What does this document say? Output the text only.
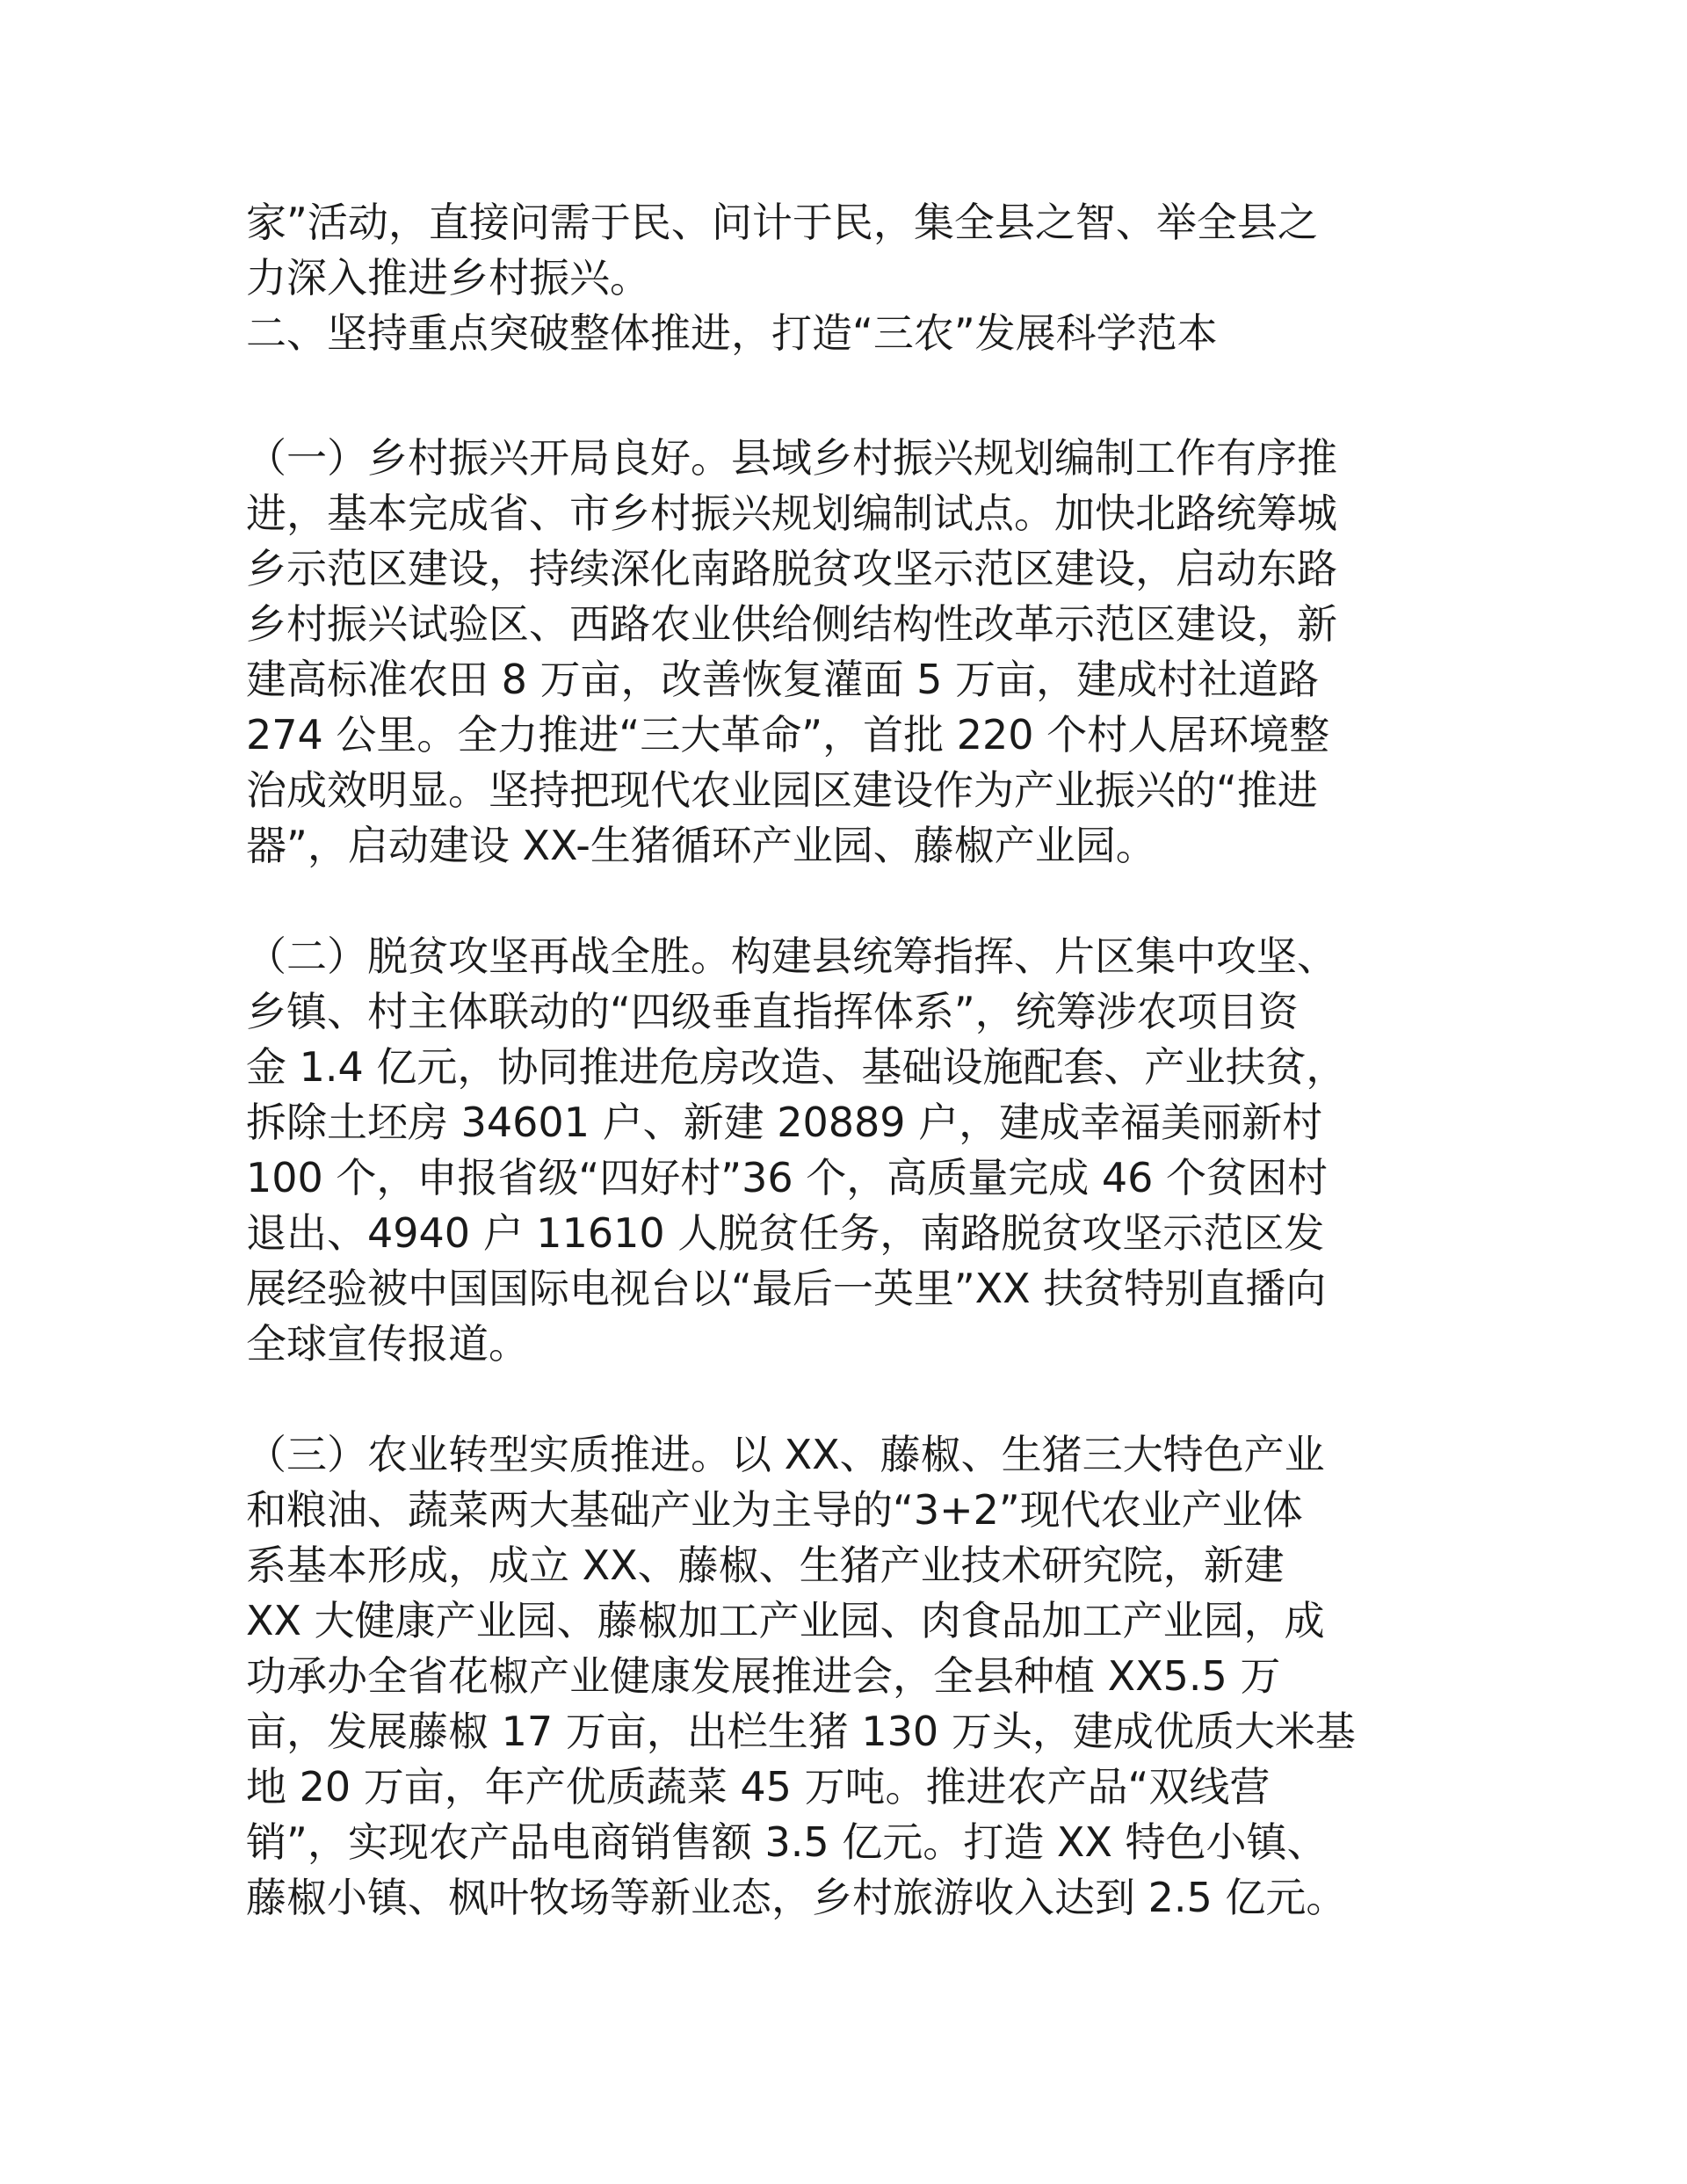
家”活动，直接问需于民、问计于民，集全县之智、举全县之
力深入推进乡村振兴。
二、坚持重点突破整体推进，打造“三农”发展科学范本
（一）乡村振兴开局良好。县域乡村振兴规划编制工作有序推
进，基本完成省、市乡村振兴规划编制试点。加快北路统筹城
乡示范区建设，持续深化南路脱贫攻坚示范区建设，启动东路
乡村振兴试验区、西路农业供给侧结构性改革示范区建设，新
建高标准农田 8 万亩，改善恢复灌面 5 万亩，建成村社道路
274 公里。全力推进“三大革命”，首批 220 个村人居环境整
治成效明显。坚持把现代农业园区建设作为产业振兴的“推进
器”，启动建设 XX-生猪循环产业园、藤椒产业园。
（二）脱贫攻坚再战全胜。构建县统筹指挥、片区集中攻坚、
乡镇、村主体联动的“四级垂直指挥体系”，统筹涉农项目资
金 1.4 亿元，协同推进危房改造、基础设施配套、产业扶贫，
拆除土坯房 34601 户、新建 20889 户，建成幸福美丽新村
100 个，申报省级“四好村”36 个，高质量完成 46 个贫困村
退出、4940 户 11610 人脱贫任务，南路脱贫攻坚示范区发
展经验被中国国际电视台以“最后一英里”XX 扶贫特别直播向
全球宣传报道。
（三）农业转型实质推进。以 XX、藤椒、生猪三大特色产业
和粮油、蔬菜两大基础产业为主导的“3+2”现代农业产业体
系基本形成，成立 XX、藤椒、生猪产业技术研究院，新建
XX 大健康产业园、藤椒加工产业园、肉食品加工产业园，成
功承办全省花椒产业健康发展推进会，全县种植 XX5.5 万
亩，发展藤椒 17 万亩，出栏生猪 130 万头，建成优质大米基
地 20 万亩，年产优质蔬菜 45 万吨。推进农产品“双线营
销”，实现农产品电商销售额 3.5 亿元。打造 XX 特色小镇、
藤椒小镇、枫叶牧场等新业态，乡村旅游收入达到 2.5 亿元。
